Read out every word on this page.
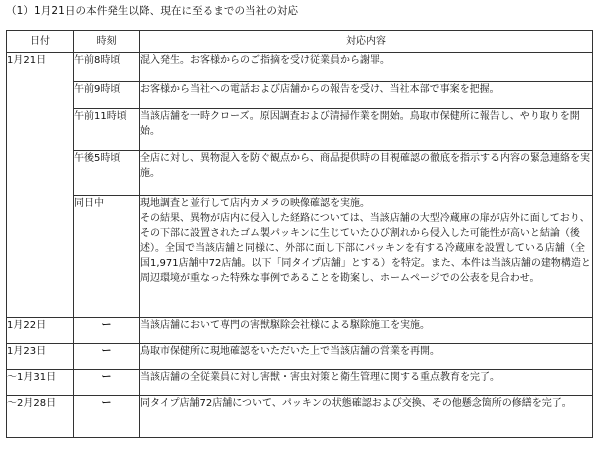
（1）1月21日の本件発生以降、現在に至るまでの当社の対応
日付	時刻	対応内容
1月21日	午前8時頃	混入発生。お客様からのご指摘を受け従業員から謝罪。
	午前9時頃	お客様から当社への電話および店舗からの報告を受け、当社本部で事案を把握。
	午前11時頃	当該店舗を一時クローズ。原因調査および清掃作業を開始。鳥取市保健所に報告し、やり取りを開始。
	午後5時頃	全店に対し、異物混入を防ぐ観点から、商品提供時の目視確認の徹底を指示する内容の緊急連絡を実施。
	同日中	現地調査と並行して店内カメラの映像確認を実施。
その結果、異物が店内に侵入した経路については、当該店舗の大型冷蔵庫の扉が店外に面しており、その下部に設置されたゴム製パッキンに生じていたひび割れから侵入した可能性が高いと結論（後述）。全国で当該店舗と同様に、外部に面し下部にパッキンを有する冷蔵庫を設置している店舗（全国1,971店舗中72店舗。以下「同タイプ店舗」とする）を特定。また、本件は当該店舗の建物構造と周辺環境が重なった特殊な事例であることを勘案し、ホームページでの公表を見合わせ。
1月22日	ー	当該店舗において専門の害獣駆除会社様による駆除施工を実施。
1月23日	ー	鳥取市保健所に現地確認をいただいた上で当該店舗の営業を再開。
～1月31日	ー	当該店舗の全従業員に対し害獣・害虫対策と衛生管理に関する重点教育を完了。
～2月28日	ー	同タイプ店舗72店舗について、パッキンの状態確認および交換、その他懸念箇所の修繕を完了。
